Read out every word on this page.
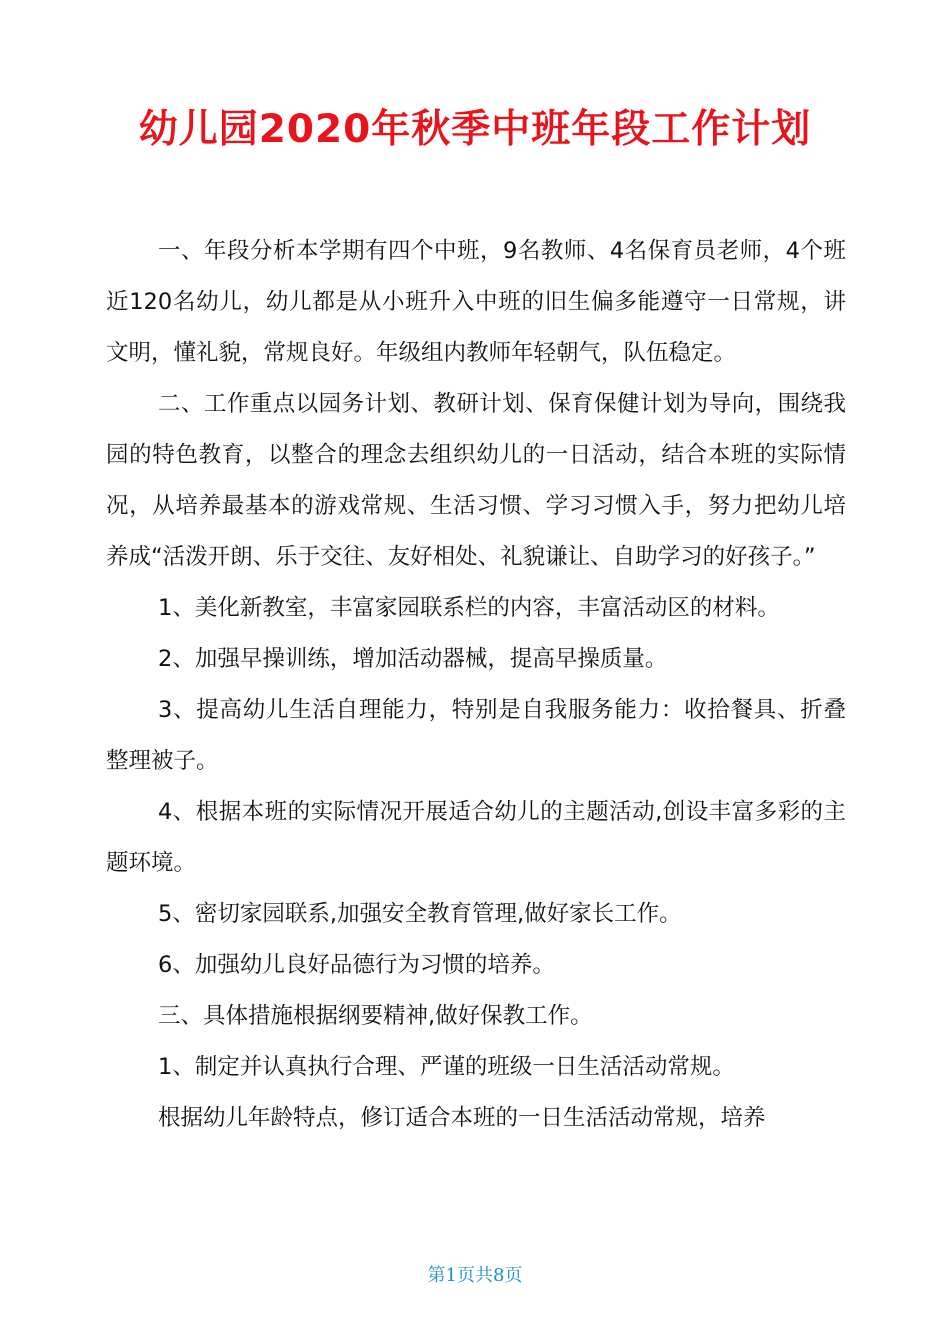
幼儿园2020年秋季中班年段工作计划

一、年段分析本学期有四个中班，9名教师、4名保育员老师，4个班近120名幼儿，幼儿都是从小班升入中班的旧生偏多能遵守一日常规，讲文明，懂礼貌，常规良好。年级组内教师年轻朝气，队伍稳定。

二、工作重点以园务计划、教研计划、保育保健计划为导向，围绕我园的特色教育，以整合的理念去组织幼儿的一日活动，结合本班的实际情况，从培养最基本的游戏常规、生活习惯、学习习惯入手，努力把幼儿培养成“活泼开朗、乐于交往、友好相处、礼貌谦让、自助学习的好孩子。”

1、美化新教室，丰富家园联系栏的内容，丰富活动区的材料。

2、加强早操训练，增加活动器械，提高早操质量。

3、提高幼儿生活自理能力，特别是自我服务能力：收拾餐具、折叠整理被子。

4、根据本班的实际情况开展适合幼儿的主题活动,创设丰富多彩的主题环境。

5、密切家园联系,加强安全教育管理,做好家长工作。

6、加强幼儿良好品德行为习惯的培养。

三、具体措施根据纲要精神,做好保教工作。

1、制定并认真执行合理、严谨的班级一日生活活动常规。

根据幼儿年龄特点，修订适合本班的一日生活活动常规，培养

第1页共8页
